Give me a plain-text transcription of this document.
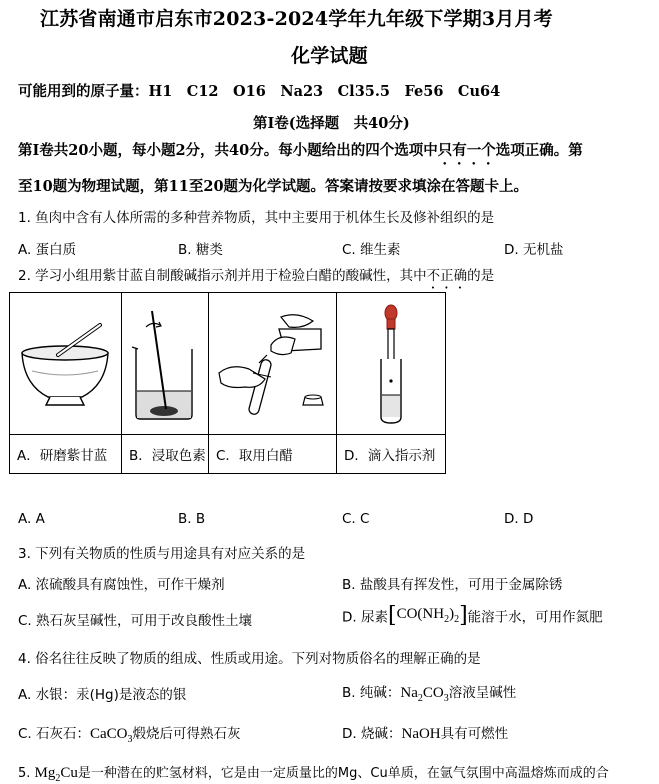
江苏省南通市启东市2023-2024学年九年级下学期3月月考
化学试题
可能用到的原子量：H1　C12　O16　Na23　Cl35.5　Fe56　Cu64
第Ⅰ卷(选择题　共40分)
第Ⅰ卷共20小题，每小题2分，共40分。每小题给出的四个选项中只有一个选项正确。第
至10题为物理试题，第11至20题为化学试题。答案请按要求填涂在答题卡上。
1. 鱼肉中含有人体所需的多种营养物质，其中主要用于机体生长及修补组织的是
A. 蛋白质	B. 糖类	C. 维生素	D. 无机盐
2. 学习小组用紫甘蓝自制酸碱指示剂并用于检验白醋的酸碱性，其中不正确的是

A．研磨紫甘蓝	B．浸取色素	C．取用白醋	D．滴入指示剂
A. A	B. B	C. C	D. D
3. 下列有关物质的性质与用途具有对应关系的是
A. 浓硫酸具有腐蚀性，可作干燥剂	B. 盐酸具有挥发性，可用于金属除锈
C. 熟石灰呈碱性，可用于改良酸性土壤	D. 尿素$[CO(NH_2)_2]$能溶于水，可用作氮肥
4. 俗名往往反映了物质的组成、性质或用途。下列对物质俗名的理解正确的是
A. 水银：汞(Hg)是液态的银	B. 纯碱：$Na_2CO_3$溶液呈碱性
C. 石灰石：CaCO$_3$煅烧后可得熟石灰	D. 烧碱：NaOH具有可燃性
5. $Mg_2Cu$是一种潜在的贮氢材料，它是由一定质量比的Mg、Cu单质，在氩气氛围中高温熔炼而成的合
